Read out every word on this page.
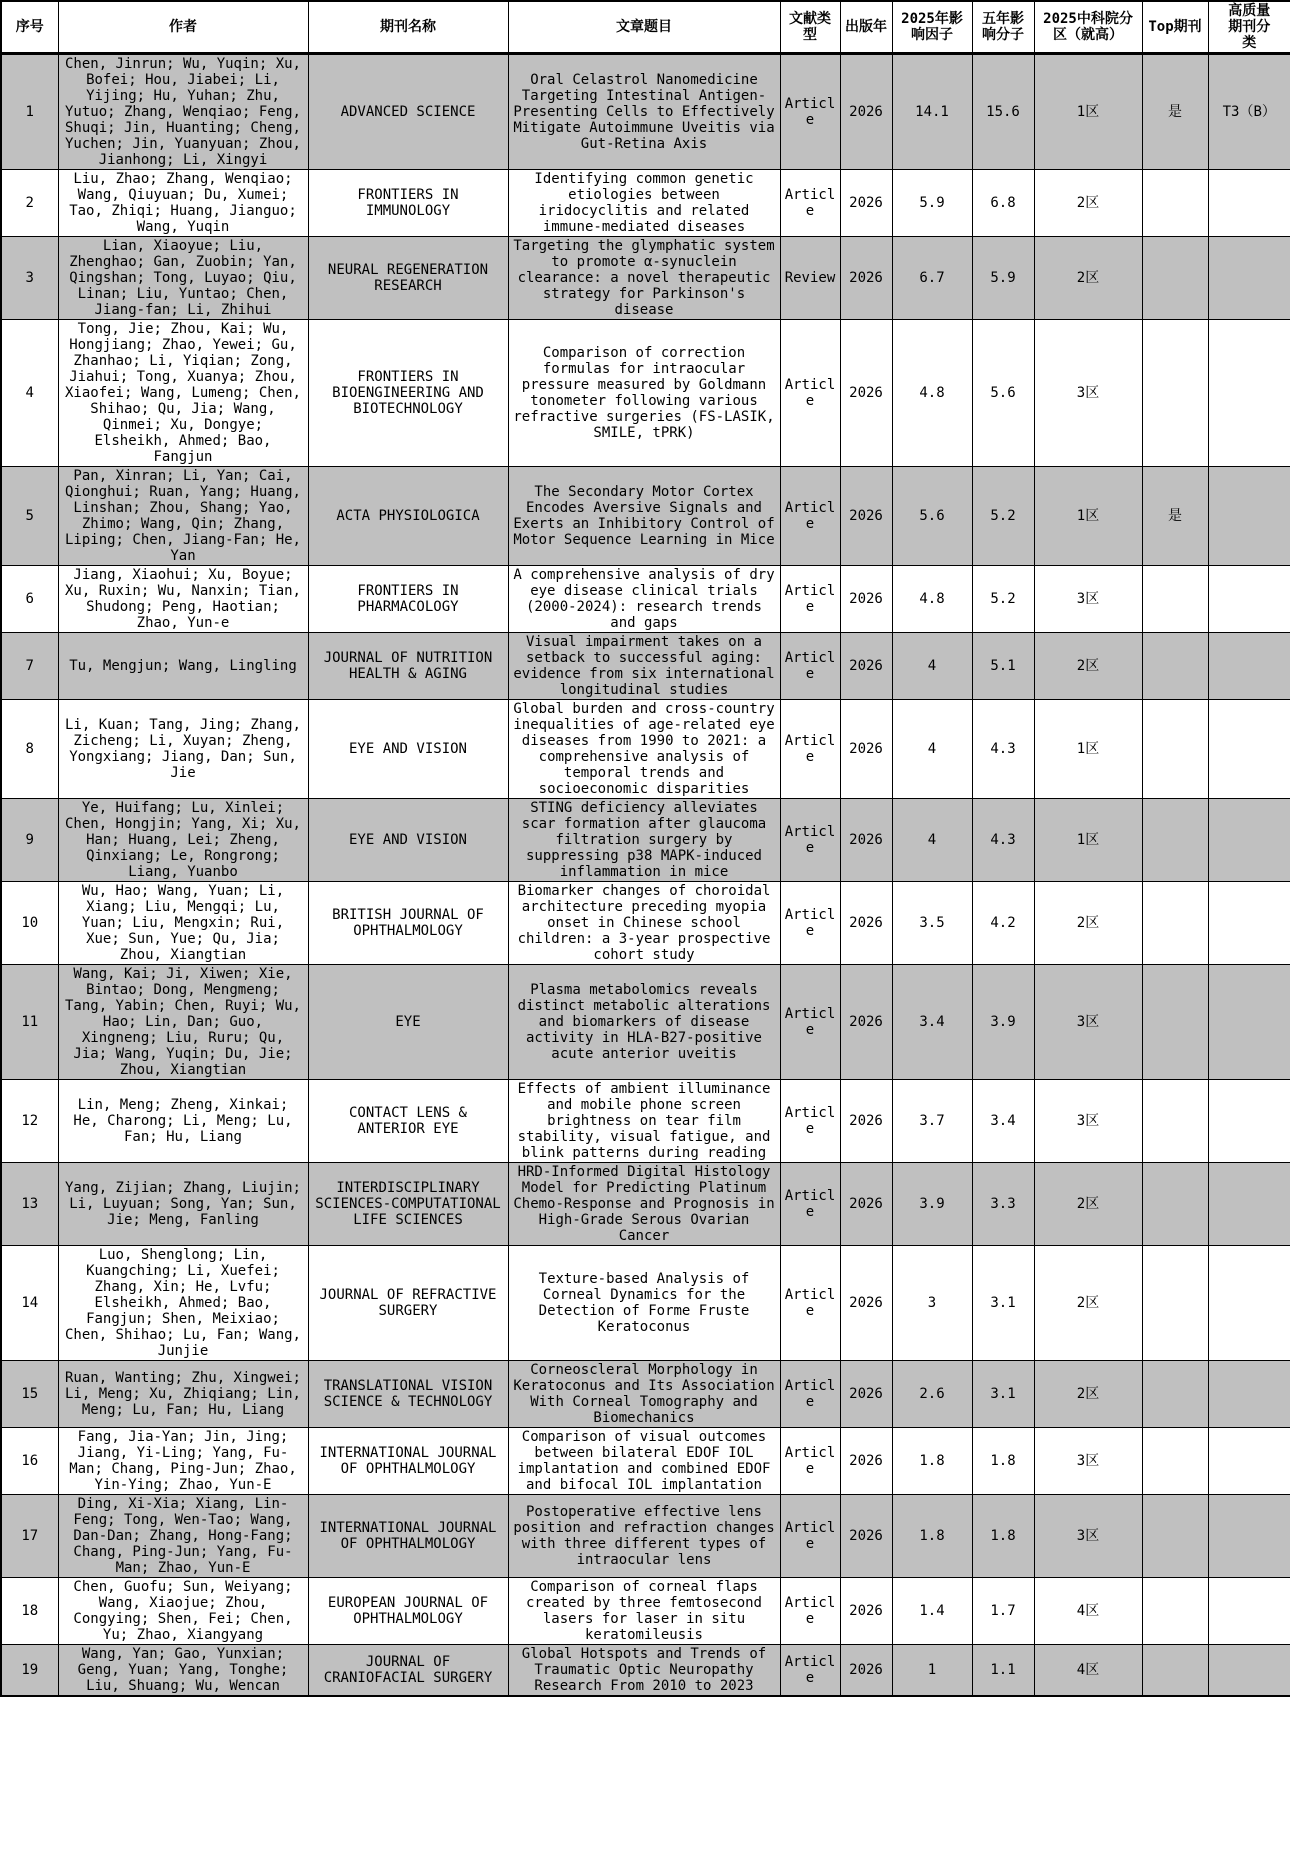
序号	作者	期刊名称	文章题目	文献类型	出版年	2025年影响因子	五年影响分子	2025中科院分区（就高）	Top期刊	高质量期刊分类
1	Chen, Jinrun; Wu, Yuqin; Xu, Bofei; Hou, Jiabei; Li, Yijing; Hu, Yuhan; Zhu, Yutuo; Zhang, Wenqiao; Feng, Shuqi; Jin, Huanting; Cheng, Yuchen; Jin, Yuanyuan; Zhou, Jianhong; Li, Xingyi	ADVANCED SCIENCE	Oral Celastrol Nanomedicine Targeting Intestinal Antigen-Presenting Cells to Effectively Mitigate Autoimmune Uveitis via Gut-Retina Axis	Article	2026	14.1	15.6	1区	是	T3（B）
2	Liu, Zhao; Zhang, Wenqiao; Wang, Qiuyuan; Du, Xumei; Tao, Zhiqi; Huang, Jianguo; Wang, Yuqin	FRONTIERS IN IMMUNOLOGY	Identifying common genetic etiologies between iridocyclitis and related immune-mediated diseases	Article	2026	5.9	6.8	2区		
3	Lian, Xiaoyue; Liu, Zhenghao; Gan, Zuobin; Yan, Qingshan; Tong, Luyao; Qiu, Linan; Liu, Yuntao; Chen, Jiang-fan; Li, Zhihui	NEURAL REGENERATION RESEARCH	Targeting the glymphatic system to promote α-synuclein clearance: a novel therapeutic strategy for Parkinson's disease	Review	2026	6.7	5.9	2区		
4	Tong, Jie; Zhou, Kai; Wu, Hongjiang; Zhao, Yewei; Gu, Zhanhao; Li, Yiqian; Zong, Jiahui; Tong, Xuanya; Zhou, Xiaofei; Wang, Lumeng; Chen, Shihao; Qu, Jia; Wang, Qinmei; Xu, Dongye; Elsheikh, Ahmed; Bao, Fangjun	FRONTIERS IN BIOENGINEERING AND BIOTECHNOLOGY	Comparison of correction formulas for intraocular pressure measured by Goldmann tonometer following various refractive surgeries (FS-LASIK, SMILE, tPRK)	Article	2026	4.8	5.6	3区		
5	Pan, Xinran; Li, Yan; Cai, Qionghui; Ruan, Yang; Huang, Linshan; Zhou, Shang; Yao, Zhimo; Wang, Qin; Zhang, Liping; Chen, Jiang-Fan; He, Yan	ACTA PHYSIOLOGICA	The Secondary Motor Cortex Encodes Aversive Signals and Exerts an Inhibitory Control of Motor Sequence Learning in Mice	Article	2026	5.6	5.2	1区	是	
6	Jiang, Xiaohui; Xu, Boyue; Xu, Ruxin; Wu, Nanxin; Tian, Shudong; Peng, Haotian; Zhao, Yun-e	FRONTIERS IN PHARMACOLOGY	A comprehensive analysis of dry eye disease clinical trials (2000-2024): research trends and gaps	Article	2026	4.8	5.2	3区		
7	Tu, Mengjun; Wang, Lingling	JOURNAL OF NUTRITION HEALTH & AGING	Visual impairment takes on a setback to successful aging: evidence from six international longitudinal studies	Article	2026	4	5.1	2区		
8	Li, Kuan; Tang, Jing; Zhang, Zicheng; Li, Xuyan; Zheng, Yongxiang; Jiang, Dan; Sun, Jie	EYE AND VISION	Global burden and cross-country inequalities of age-related eye diseases from 1990 to 2021: a comprehensive analysis of temporal trends and socioeconomic disparities	Article	2026	4	4.3	1区		
9	Ye, Huifang; Lu, Xinlei; Chen, Hongjin; Yang, Xi; Xu, Han; Huang, Lei; Zheng, Qinxiang; Le, Rongrong; Liang, Yuanbo	EYE AND VISION	STING deficiency alleviates scar formation after glaucoma filtration surgery by suppressing p38 MAPK-induced inflammation in mice	Article	2026	4	4.3	1区		
10	Wu, Hao; Wang, Yuan; Li, Xiang; Liu, Mengqi; Lu, Yuan; Liu, Mengxin; Rui, Xue; Sun, Yue; Qu, Jia; Zhou, Xiangtian	BRITISH JOURNAL OF OPHTHALMOLOGY	Biomarker changes of choroidal architecture preceding myopia onset in Chinese school children: a 3-year prospective cohort study	Article	2026	3.5	4.2	2区		
11	Wang, Kai; Ji, Xiwen; Xie, Bintao; Dong, Mengmeng; Tang, Yabin; Chen, Ruyi; Wu, Hao; Lin, Dan; Guo, Xingneng; Liu, Ruru; Qu, Jia; Wang, Yuqin; Du, Jie; Zhou, Xiangtian	EYE	Plasma metabolomics reveals distinct metabolic alterations and biomarkers of disease activity in HLA-B27-positive acute anterior uveitis	Article	2026	3.4	3.9	3区		
12	Lin, Meng; Zheng, Xinkai; He, Charong; Li, Meng; Lu, Fan; Hu, Liang	CONTACT LENS & ANTERIOR EYE	Effects of ambient illuminance and mobile phone screen brightness on tear film stability, visual fatigue, and blink patterns during reading	Article	2026	3.7	3.4	3区		
13	Yang, Zijian; Zhang, Liujin; Li, Luyuan; Song, Yan; Sun, Jie; Meng, Fanling	INTERDISCIPLINARY SCIENCES-COMPUTATIONAL LIFE SCIENCES	HRD-Informed Digital Histology Model for Predicting Platinum Chemo-Response and Prognosis in High-Grade Serous Ovarian Cancer	Article	2026	3.9	3.3	2区		
14	Luo, Shenglong; Lin, Kuangching; Li, Xuefei; Zhang, Xin; He, Lvfu; Elsheikh, Ahmed; Bao, Fangjun; Shen, Meixiao; Chen, Shihao; Lu, Fan; Wang, Junjie	JOURNAL OF REFRACTIVE SURGERY	Texture-based Analysis of Corneal Dynamics for the Detection of Forme Fruste Keratoconus	Article	2026	3	3.1	2区		
15	Ruan, Wanting; Zhu, Xingwei; Li, Meng; Xu, Zhiqiang; Lin, Meng; Lu, Fan; Hu, Liang	TRANSLATIONAL VISION SCIENCE & TECHNOLOGY	Corneoscleral Morphology in Keratoconus and Its Association With Corneal Tomography and Biomechanics	Article	2026	2.6	3.1	2区		
16	Fang, Jia-Yan; Jin, Jing; Jiang, Yi-Ling; Yang, Fu-Man; Chang, Ping-Jun; Zhao, Yin-Ying; Zhao, Yun-E	INTERNATIONAL JOURNAL OF OPHTHALMOLOGY	Comparison of visual outcomes between bilateral EDOF IOL implantation and combined EDOF and bifocal IOL implantation	Article	2026	1.8	1.8	3区		
17	Ding, Xi-Xia; Xiang, Lin-Feng; Tong, Wen-Tao; Wang, Dan-Dan; Zhang, Hong-Fang; Chang, Ping-Jun; Yang, Fu-Man; Zhao, Yun-E	INTERNATIONAL JOURNAL OF OPHTHALMOLOGY	Postoperative effective lens position and refraction changes with three different types of intraocular lens	Article	2026	1.8	1.8	3区		
18	Chen, Guofu; Sun, Weiyang; Wang, Xiaojue; Zhou, Congying; Shen, Fei; Chen, Yu; Zhao, Xiangyang	EUROPEAN JOURNAL OF OPHTHALMOLOGY	Comparison of corneal flaps created by three femtosecond lasers for laser in situ keratomileusis	Article	2026	1.4	1.7	4区		
19	Wang, Yan; Gao, Yunxian; Geng, Yuan; Yang, Tonghe; Liu, Shuang; Wu, Wencan	JOURNAL OF CRANIOFACIAL SURGERY	Global Hotspots and Trends of Traumatic Optic Neuropathy Research From 2010 to 2023	Article	2026	1	1.1	4区		
